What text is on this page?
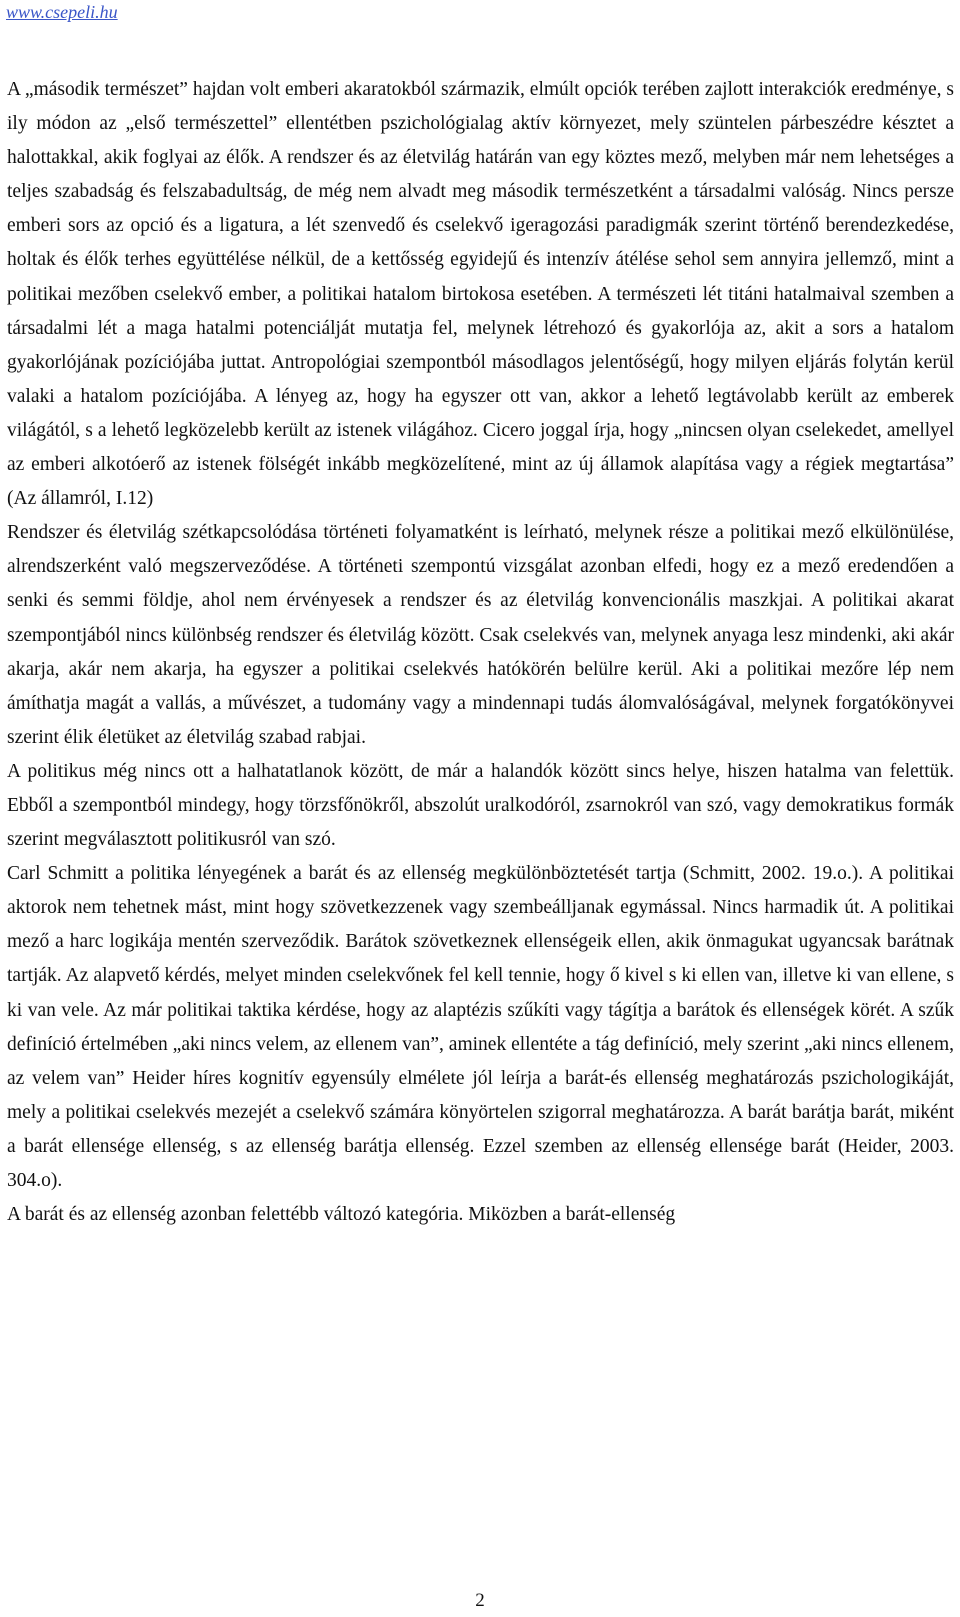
www.csepeli.hu

A „második természet” hajdan volt emberi akaratokból származik, elmúlt opciók terében zajlott interakciók eredménye, s ily módon az „első természettel” ellentétben pszichológialag aktív környezet, mely szüntelen párbeszédre késztet a halottakkal, akik foglyai az élők. A rendszer és az életvilág határán van egy köztes mező, melyben már nem lehetséges a teljes szabadság és felszabadultság, de még nem alvadt meg második természetként a társadalmi valóság. Nincs persze emberi sors az opció és a ligatura, a lét szenvedő és cselekvő igeragozási paradigmák szerint történő berendezkedése, holtak és élők terhes együttélése nélkül, de a kettősség egyidejű és intenzív átélése sehol sem annyira jellemző, mint a politikai mezőben cselekvő ember, a politikai hatalom birtokosa esetében. A természeti lét titáni hatalmaival szemben a társadalmi lét a maga hatalmi potenciálját mutatja fel, melynek létrehozó és gyakorlója az, akit a sors a hatalom gyakorlójának pozíciójába juttat. Antropológiai szempontból másodlagos jelentőségű, hogy milyen eljárás folytán kerül valaki a hatalom pozíciójába. A lényeg az, hogy ha egyszer ott van, akkor a lehető legtávolabb került az emberek világától, s a lehető legközelebb került az istenek világához. Cicero joggal írja, hogy „nincsen olyan cselekedet, amellyel az emberi alkotóerő az istenek fölségét inkább megközelítené, mint az új államok alapítása vagy a régiek megtartása” (Az államról, I.12)

Rendszer és életvilág szétkapcsolódása történeti folyamatként is leírható, melynek része a politikai mező elkülönülése, alrendszerként való megszerveződése. A történeti szempontú vizsgálat azonban elfedi, hogy ez a mező eredendően a senki és semmi földje, ahol nem érvényesek a rendszer és az életvilág konvencionális maszkjai. A politikai akarat szempontjából nincs különbség rendszer és életvilág között. Csak cselekvés van, melynek anyaga lesz mindenki, aki akár akarja, akár nem akarja, ha egyszer a politikai cselekvés hatókörén belülre kerül. Aki a politikai mezőre lép nem ámíthatja magát a vallás, a művészet, a tudomány vagy a mindennapi tudás álomvalóságával, melynek forgatókönyvei szerint élik életüket az életvilág szabad rabjai.

A politikus még nincs ott a halhatatlanok között, de már a halandók között sincs helye, hiszen hatalma van felettük. Ebből a szempontból mindegy, hogy törzsfőnökről, abszolút uralkodóról, zsarnokról van szó, vagy demokratikus formák szerint megválasztott politikusról van szó.

Carl Schmitt a politika lényegének a barát és az ellenség megkülönböztetését tartja (Schmitt, 2002. 19.o.). A politikai aktorok nem tehetnek mást, mint hogy szövetkezzenek vagy szembeálljanak egymással. Nincs harmadik út. A politikai mező a harc logikája mentén szerveződik. Barátok szövetkeznek ellenségeik ellen, akik önmagukat ugyancsak barátnak tartják. Az alapvető kérdés, melyet minden cselekvőnek fel kell tennie, hogy ő kivel s ki ellen van, illetve ki van ellene, s ki van vele. Az már politikai taktika kérdése, hogy az alaptézis szűkíti vagy tágítja a barátok és ellenségek körét. A szűk definíció értelmében „aki nincs velem, az ellenem van”, aminek ellentéte a tág definíció, mely szerint „aki nincs ellenem, az velem van” Heider híres kognitív egyensúly elmélete jól leírja a barát-és ellenség meghatározás pszichologikáját, mely a politikai cselekvés mezejét a cselekvő számára könyörtelen szigorral meghatározza. A barát barátja barát, miként a barát ellensége ellenség, s az ellenség barátja ellenség. Ezzel szemben az ellenség ellensége barát (Heider, 2003. 304.o).

A barát és az ellenség azonban felettébb változó kategória. Miközben a barát-ellenség

2
